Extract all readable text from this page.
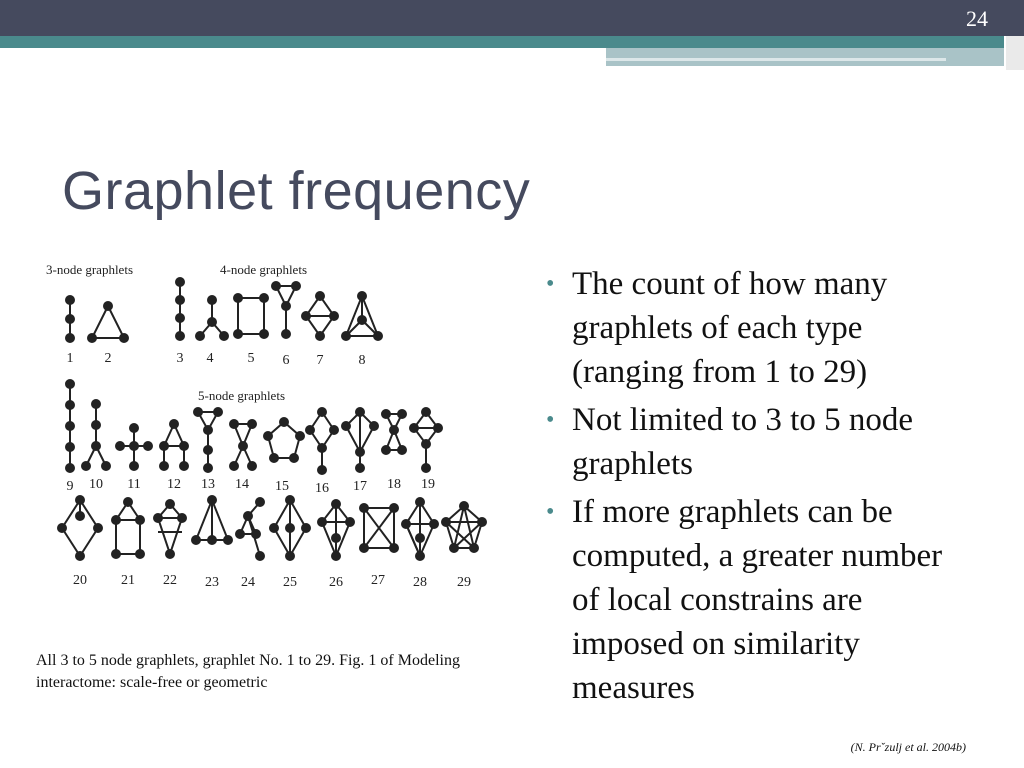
24
Graphlet frequency
3-node graphlets	4-node graphlets
5-node graphlets
1 2	3 4 5 6 7	8
9 10 11 12 13 14 15 16 17 18 19
20 21 22 23 24 25 26 27 28 29
• The count of how many graphlets of each type (ranging from 1 to 29)
• Not limited to 3 to 5 node graphlets
• If more graphlets can be computed, a greater number of local constrains are imposed on similarity measures
All 3 to 5 node graphlets, graphlet No. 1 to 29. Fig. 1 of Modeling interactome: scale-free or geometric
(N. Prˇzulj et al. 2004b)
